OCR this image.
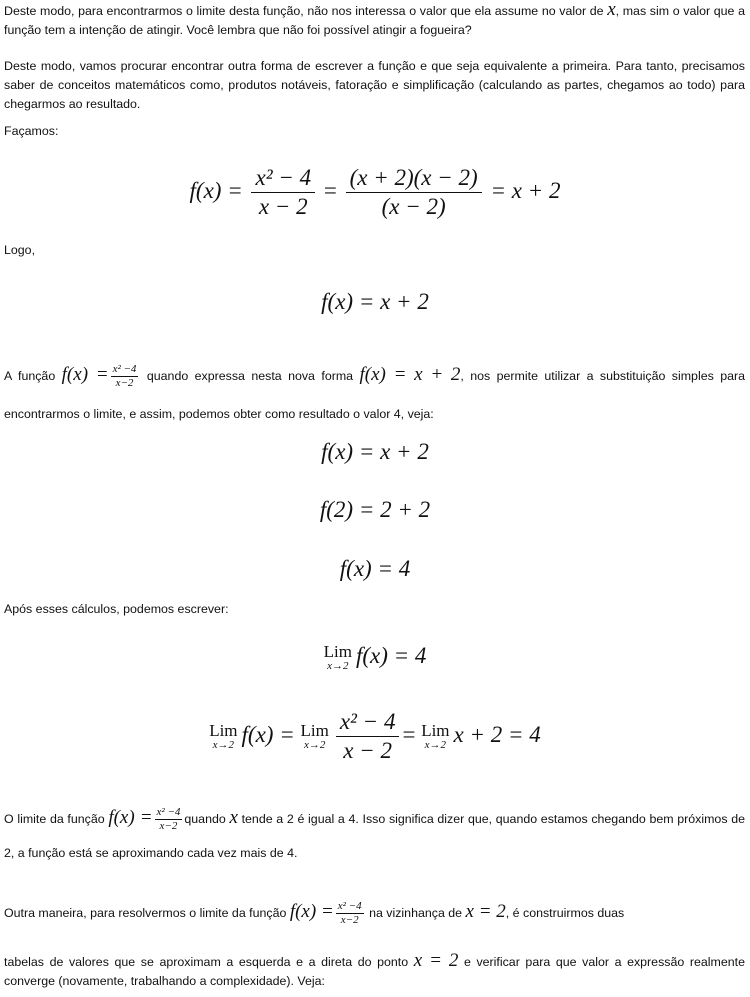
Deste modo, para encontrarmos o limite desta função, não nos interessa o valor que ela assume no valor de x, mas sim o valor que a função tem a intenção de atingir. Você lembra que não foi possível atingir a fogueira?
Deste modo, vamos procurar encontrar outra forma de escrever a função e que seja equivalente a primeira. Para tanto, precisamos saber de conceitos matemáticos como, produtos notáveis, fatoração e simplificação (calculando as partes, chegamos ao todo) para chegarmos ao resultado.
Façamos:
$f(x) = \frac{\text{x² − 4}}{x - 2} = \frac{(x + 2)(x - 2)}{(x - 2)} = x + 2$
Logo,
f(x) = x + 2
A função $f(x) = \frac{\text{x² −4}}{x-2}$ quando expressa nesta nova forma f(x) = x + 2, nos permite utilizar a substituição simples para encontrarmos o limite, e assim, podemos obter como resultado o valor 4, veja:
f(x) = x + 2
f(2) = 2 + 2
f(x) = 4
Após esses cálculos, podemos escrever:
Lim
x→2 f(x) = 4
Lim
x→2 f(x) = Lim
$x\to 2 \frac{\text{x² − 4}}{x - 2}$ = Lim
x→2 x + 2 = 4
O limite da função $f(x) = \frac{\text{x² −4}}{x-2}$ quando x tende a 2 é igual a 4. Isso significa dizer que, quando estamos chegando bem próximos de 2, a função está se aproximando cada vez mais de 4.
Outra maneira, para resolvermos o limite da função $f(x) = \frac{\text{x² −4}}{x-2}$ na vizinhança de x = 2, é construirmos duas
tabelas de valores que se aproximam a esquerda e a direta do ponto x = 2 e verificar para que valor a expressão realmente converge (novamente, trabalhando a complexidade). Veja:
